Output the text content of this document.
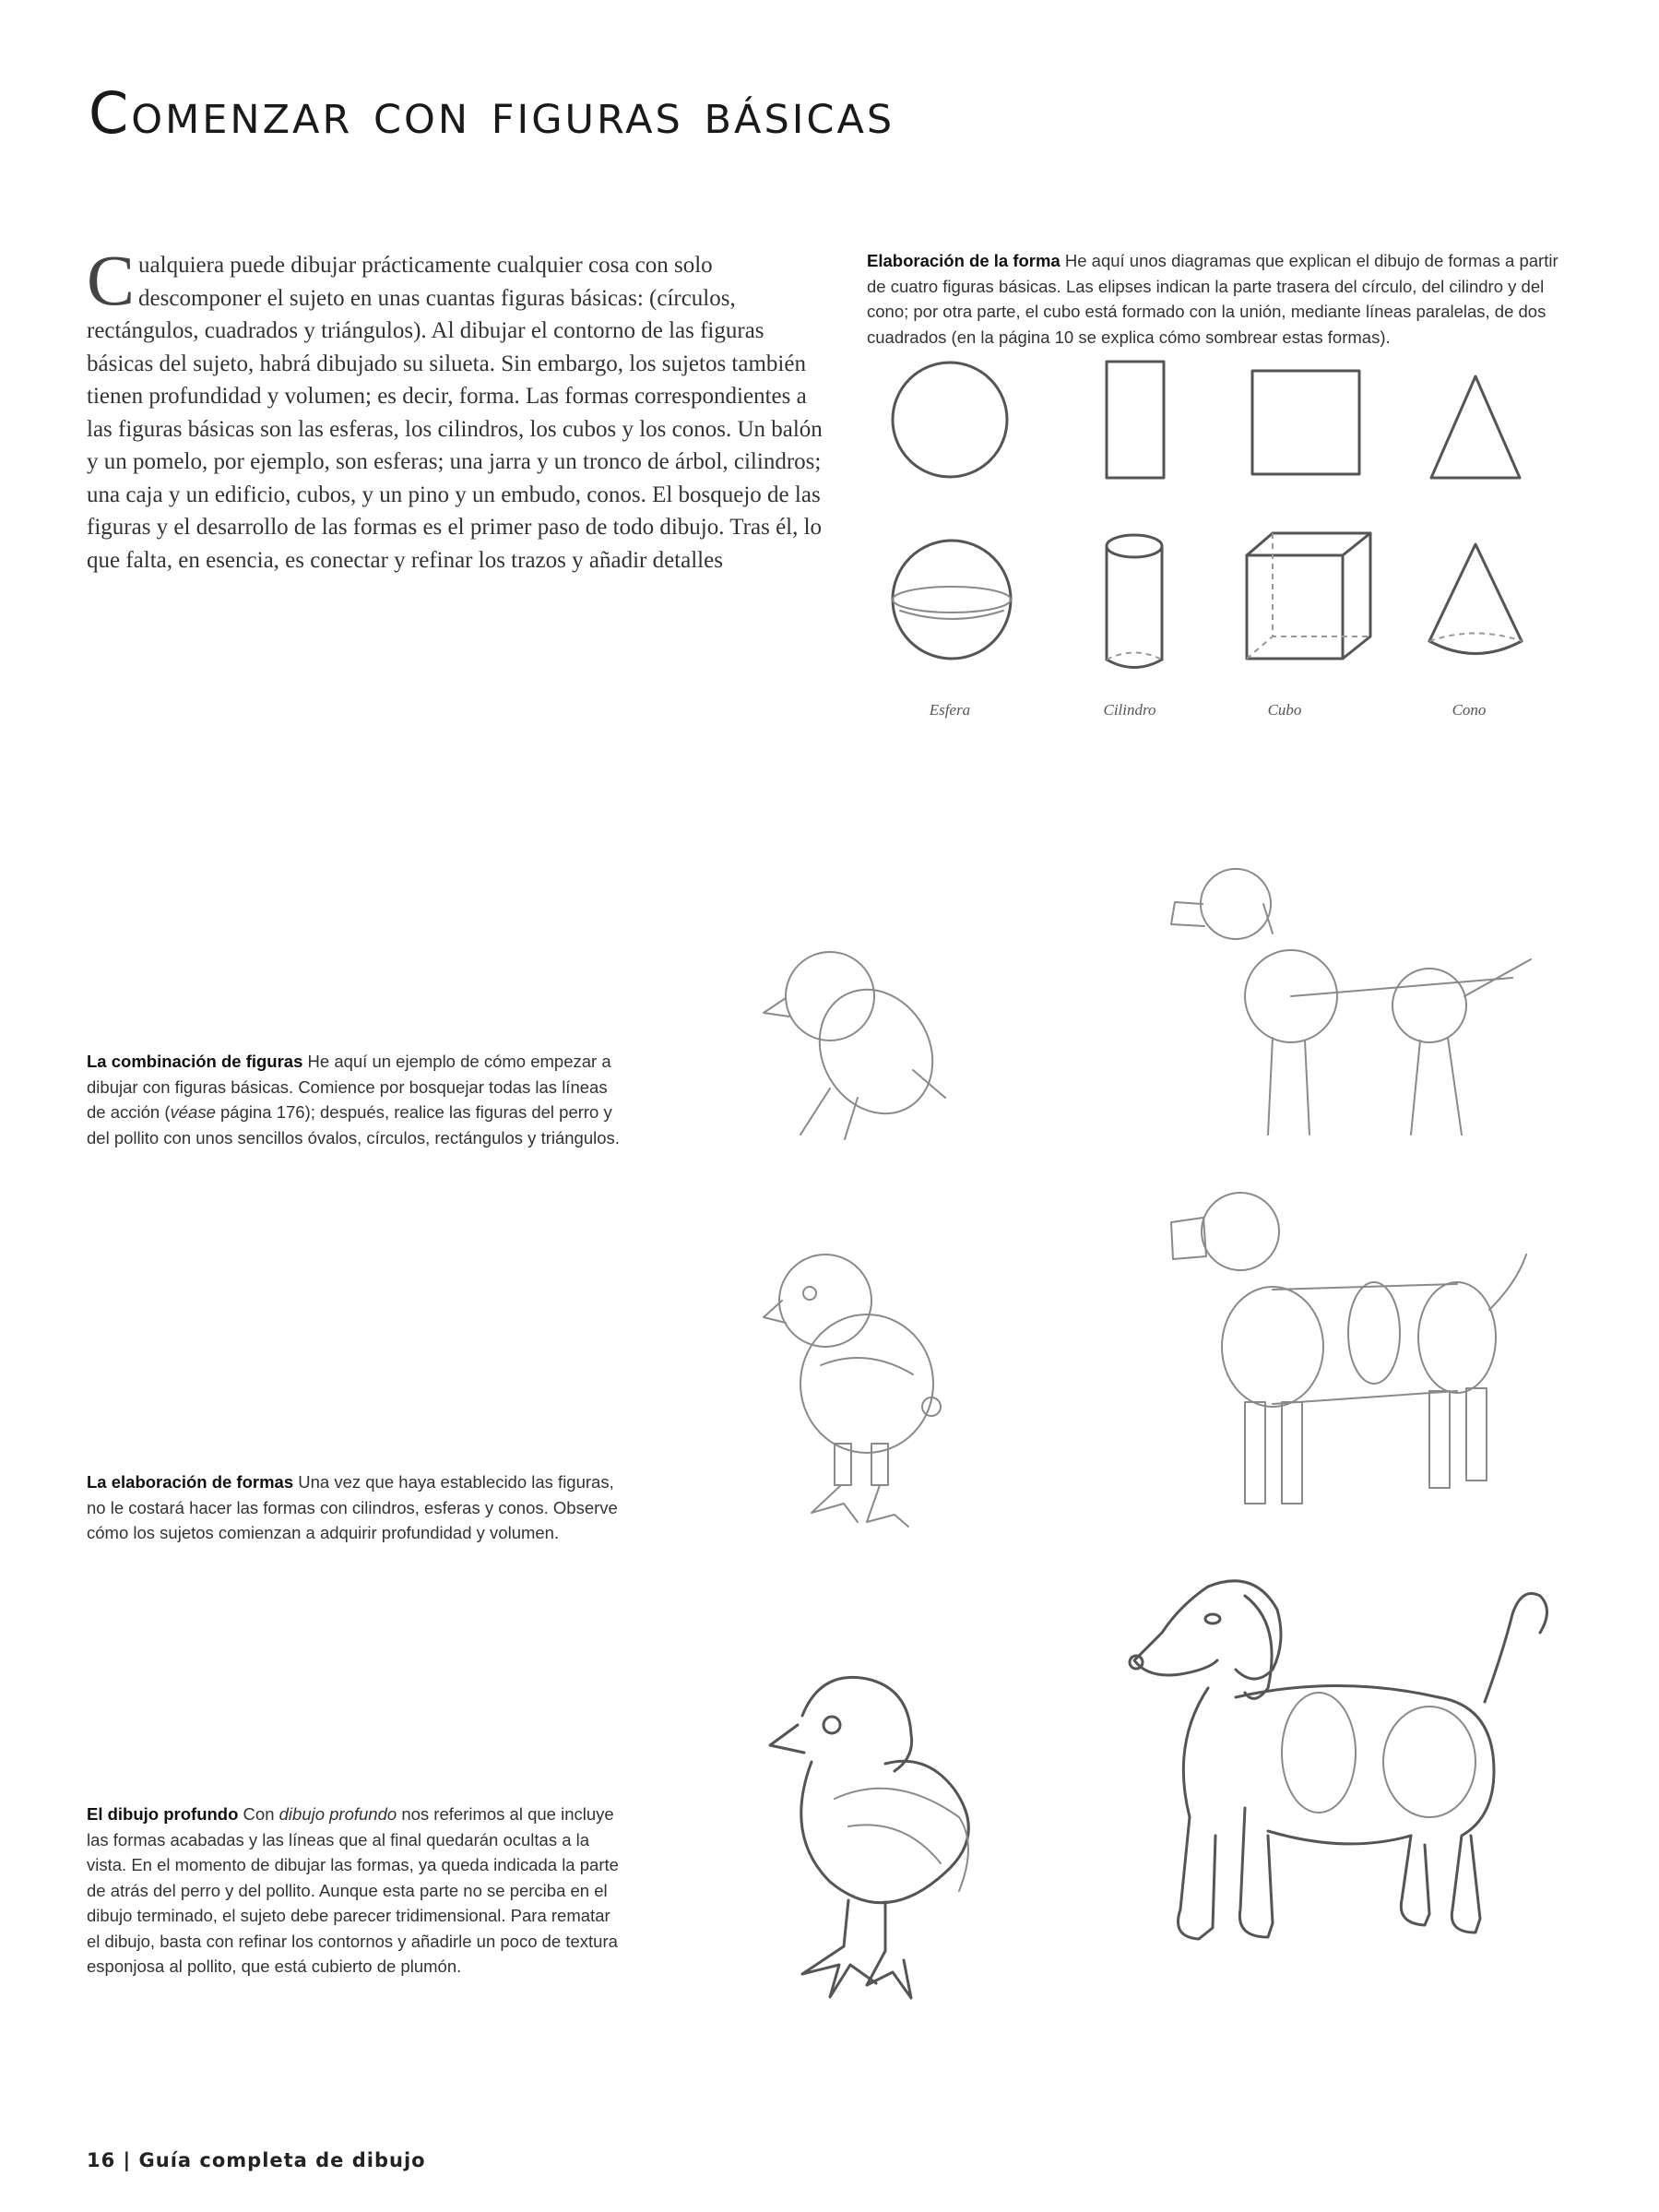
Comenzar con figuras básicas
Cualquiera puede dibujar prácticamente cualquier cosa con solo descomponer el sujeto en unas cuantas figuras básicas: (círculos, rectángulos, cuadrados y triángulos). Al dibujar el contorno de las figuras básicas del sujeto, habrá dibujado su silueta. Sin embargo, los sujetos también tienen profundidad y volumen; es decir, forma. Las formas correspondientes a las figuras básicas son las esferas, los cilindros, los cubos y los conos. Un balón y un pomelo, por ejemplo, son esferas; una jarra y un tronco de árbol, cilindros; una caja y un edificio, cubos, y un pino y un embudo, conos. El bosquejo de las figuras y el desarrollo de las formas es el primer paso de todo dibujo. Tras él, lo que falta, en esencia, es conectar y refinar los trazos y añadir detalles
Elaboración de la forma He aquí unos diagramas que explican el dibujo de formas a partir de cuatro figuras básicas. Las elipses indican la parte trasera del círculo, del cilindro y del cono; por otra parte, el cubo está formado con la unión, mediante líneas paralelas, de dos cuadrados (en la página 10 se explica cómo sombrear estas formas).
Esfera	Cilindro	Cubo	Cono
La combinación de figuras He aquí un ejemplo de cómo empezar a dibujar con figuras básicas. Comience por bosquejar todas las líneas de acción (véase página 176); después, realice las figuras del perro y del pollito con unos sencillos óvalos, círculos, rectángulos y triángulos.
La elaboración de formas Una vez que haya establecido las figuras, no le costará hacer las formas con cilindros, esferas y conos. Observe cómo los sujetos comienzan a adquirir profundidad y volumen.
El dibujo profundo Con dibujo profundo nos referimos al que incluye las formas acabadas y las líneas que al final quedarán ocultas a la vista. En el momento de dibujar las formas, ya queda indicada la parte de atrás del perro y del pollito. Aunque esta parte no se perciba en el dibujo terminado, el sujeto debe parecer tridimensional. Para rematar el dibujo, basta con refinar los contornos y añadirle un poco de textura esponjosa al pollito, que está cubierto de plumón.
16 | Guía completa de dibujo
